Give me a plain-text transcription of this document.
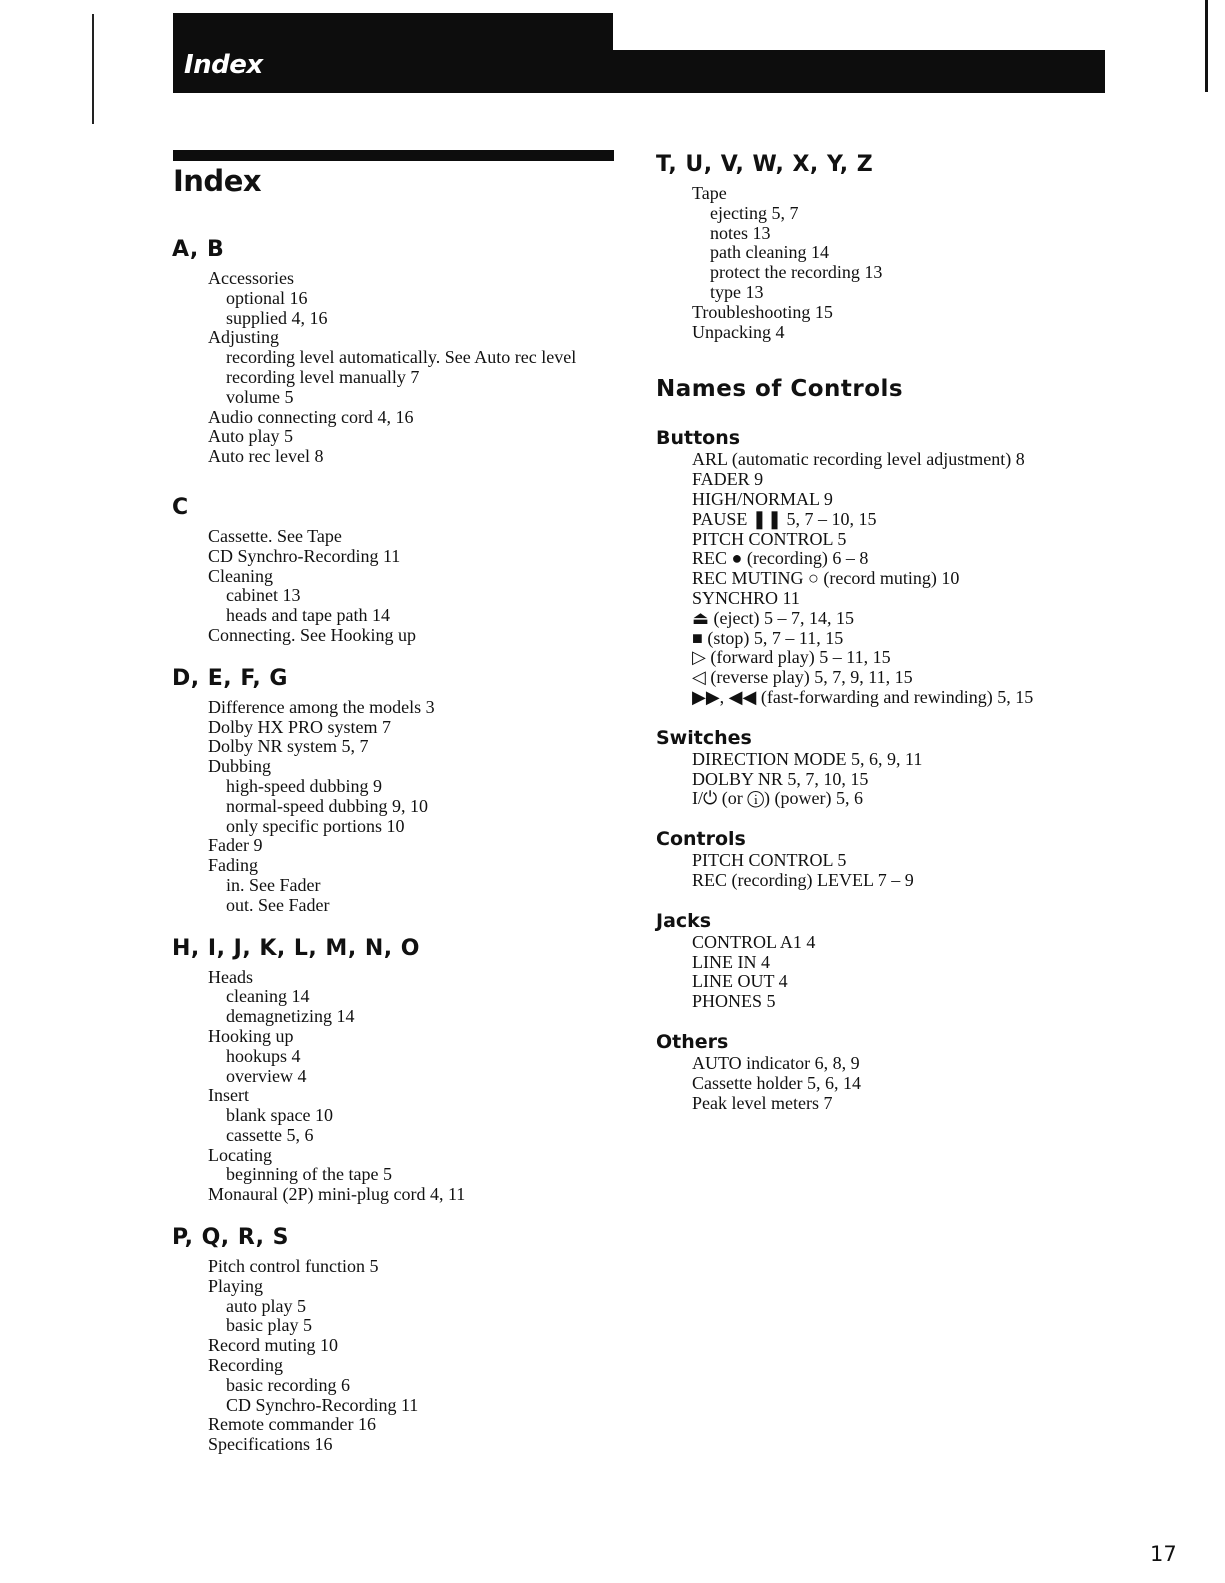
Index
Index
A, B
Accessories
optional 16
supplied 4, 16
Adjusting
recording level automatically. See Auto rec level
recording level manually 7
volume 5
Audio connecting cord 4, 16
Auto play 5
Auto rec level 8
C
Cassette. See Tape
CD Synchro-Recording 11
Cleaning
cabinet 13
heads and tape path 14
Connecting. See Hooking up
D, E, F, G
Difference among the models 3
Dolby HX PRO system 7
Dolby NR system 5, 7
Dubbing
high-speed dubbing 9
normal-speed dubbing 9, 10
only specific portions 10
Fader 9
Fading
in. See Fader
out. See Fader
H, I, J, K, L, M, N, O
Heads
cleaning 14
demagnetizing 14
Hooking up
hookups 4
overview 4
Insert
blank space 10
cassette 5, 6
Locating
beginning of the tape 5
Monaural (2P) mini-plug cord 4, 11
P, Q, R, S
Pitch control function 5
Playing
auto play 5
basic play 5
Record muting 10
Recording
basic recording 6
CD Synchro-Recording 11
Remote commander 16
Specifications 16
T, U, V, W, X, Y, Z
Tape
ejecting 5, 7
notes 13
path cleaning 14
protect the recording 13
type 13
Troubleshooting 15
Unpacking 4
Names of Controls
Buttons
ARL (automatic recording level adjustment) 8
FADER 9
HIGH/NORMAL 9
PAUSE ❚❚ 5, 7 – 10, 15
PITCH CONTROL 5
REC ● (recording) 6 – 8
REC MUTING ○ (record muting) 10
SYNCHRO 11
⏏ (eject) 5 – 7, 14, 15
■ (stop) 5, 7 – 11, 15
▷ (forward play) 5 – 11, 15
◁ (reverse play) 5, 7, 9, 11, 15
▶▶, ◀◀ (fast-forwarding and rewinding) 5, 15
Switches
DIRECTION MODE 5, 6, 9, 11
DOLBY NR 5, 7, 10, 15
I/⏻ (or ⓘ) (power) 5, 6
Controls
PITCH CONTROL 5
REC (recording) LEVEL 7 – 9
Jacks
CONTROL A1 4
LINE IN 4
LINE OUT 4
PHONES 5
Others
AUTO indicator 6, 8, 9
Cassette holder 5, 6, 14
Peak level meters 7
17
